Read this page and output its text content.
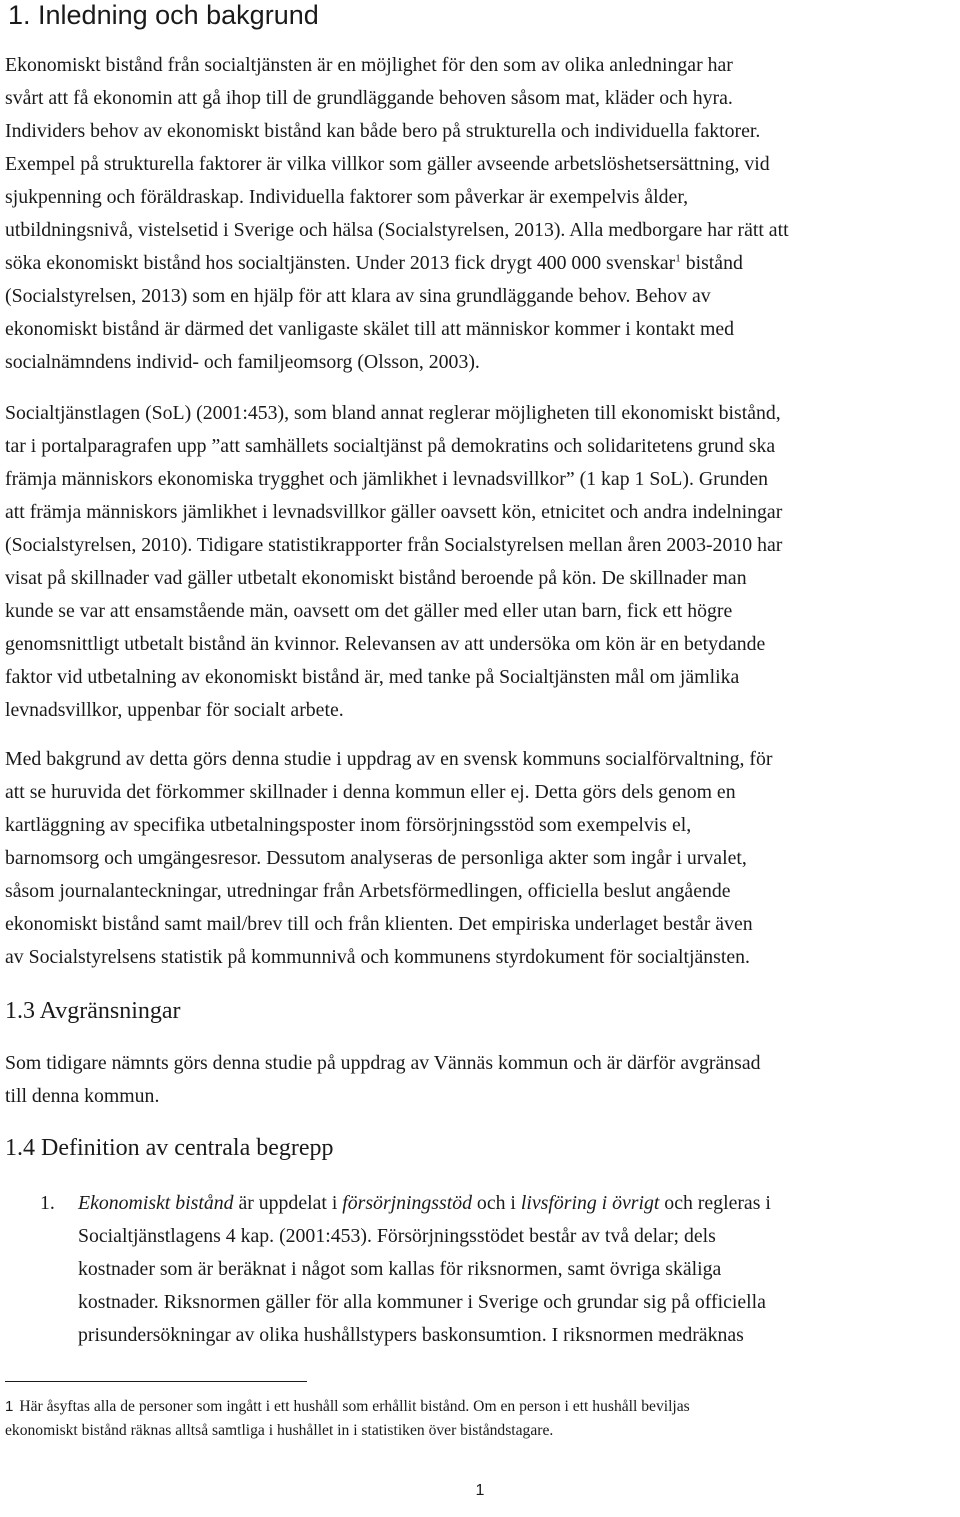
1. Inledning och bakgrund

Ekonomiskt bistånd från socialtjänsten är en möjlighet för den som av olika anledningar har
svårt att få ekonomin att gå ihop till de grundläggande behoven såsom mat, kläder och hyra.
Individers behov av ekonomiskt bistånd kan både bero på strukturella och individuella faktorer.
Exempel på strukturella faktorer är vilka villkor som gäller avseende arbetslöshetsersättning, vid
sjukpenning och föräldraskap. Individuella faktorer som påverkar är exempelvis ålder,
utbildningsnivå, vistelsetid i Sverige och hälsa (Socialstyrelsen, 2013). Alla medborgare har rätt att
söka ekonomiskt bistånd hos socialtjänsten. Under 2013 fick drygt 400 000 svenskar$^1$ bistånd
(Socialstyrelsen, 2013) som en hjälp för att klara av sina grundläggande behov. Behov av
ekonomiskt bistånd är därmed det vanligaste skälet till att människor kommer i kontakt med
socialnämndens individ- och familjeomsorg (Olsson, 2003).

Socialtjänstlagen (SoL) (2001:453), som bland annat reglerar möjligheten till ekonomiskt bistånd,
tar i portalparagrafen upp ”att samhällets socialtjänst på demokratins och solidaritetens grund ska
främja människors ekonomiska trygghet och jämlikhet i levnadsvillkor” (1 kap 1 SoL). Grunden
att främja människors jämlikhet i levnadsvillkor gäller oavsett kön, etnicitet och andra indelningar
(Socialstyrelsen, 2010). Tidigare statistikrapporter från Socialstyrelsen mellan åren 2003-2010 har
visat på skillnader vad gäller utbetalt ekonomiskt bistånd beroende på kön. De skillnader man
kunde se var att ensamstående män, oavsett om det gäller med eller utan barn, fick ett högre
genomsnittligt utbetalt bistånd än kvinnor. Relevansen av att undersöka om kön är en betydande
faktor vid utbetalning av ekonomiskt bistånd är, med tanke på Socialtjänsten mål om jämlika
levnadsvillkor, uppenbar för socialt arbete.

Med bakgrund av detta görs denna studie i uppdrag av en svensk kommuns socialförvaltning, för
att se huruvida det förkommer skillnader i denna kommun eller ej. Detta görs dels genom en
kartläggning av specifika utbetalningsposter inom försörjningsstöd som exempelvis el,
barnomsorg och umgängesresor. Dessutom analyseras de personliga akter som ingår i urvalet,
såsom journalanteckningar, utredningar från Arbetsförmedlingen, officiella beslut angående
ekonomiskt bistånd samt mail/brev till och från klienten. Det empiriska underlaget består även
av Socialstyrelsens statistik på kommunnivå och kommunens styrdokument för socialtjänsten.

1.3 Avgränsningar

Som tidigare nämnts görs denna studie på uppdrag av Vännäs kommun och är därför avgränsad
till denna kommun.

1.4 Definition av centrala begrepp
1. Ekonomiskt bistånd är uppdelat i försörjningsstöd och i livsföring i övrigt och regleras i
Socialtjänstlagens 4 kap. (2001:453). Försörjningsstödet består av två delar; dels
kostnader som är beräknat i något som kallas för riksnormen, samt övriga skäliga
kostnader. Riksnormen gäller för alla kommuner i Sverige och grundar sig på officiella
prisundersökningar av olika hushållstypers baskonsumtion. I riksnormen medräknas
1 Här åsyftas alla de personer som ingått i ett hushåll som erhållit bistånd. Om en person i ett hushåll beviljas
ekonomiskt bistånd räknas alltså samtliga i hushållet in i statistiken över biståndstagare.
1
